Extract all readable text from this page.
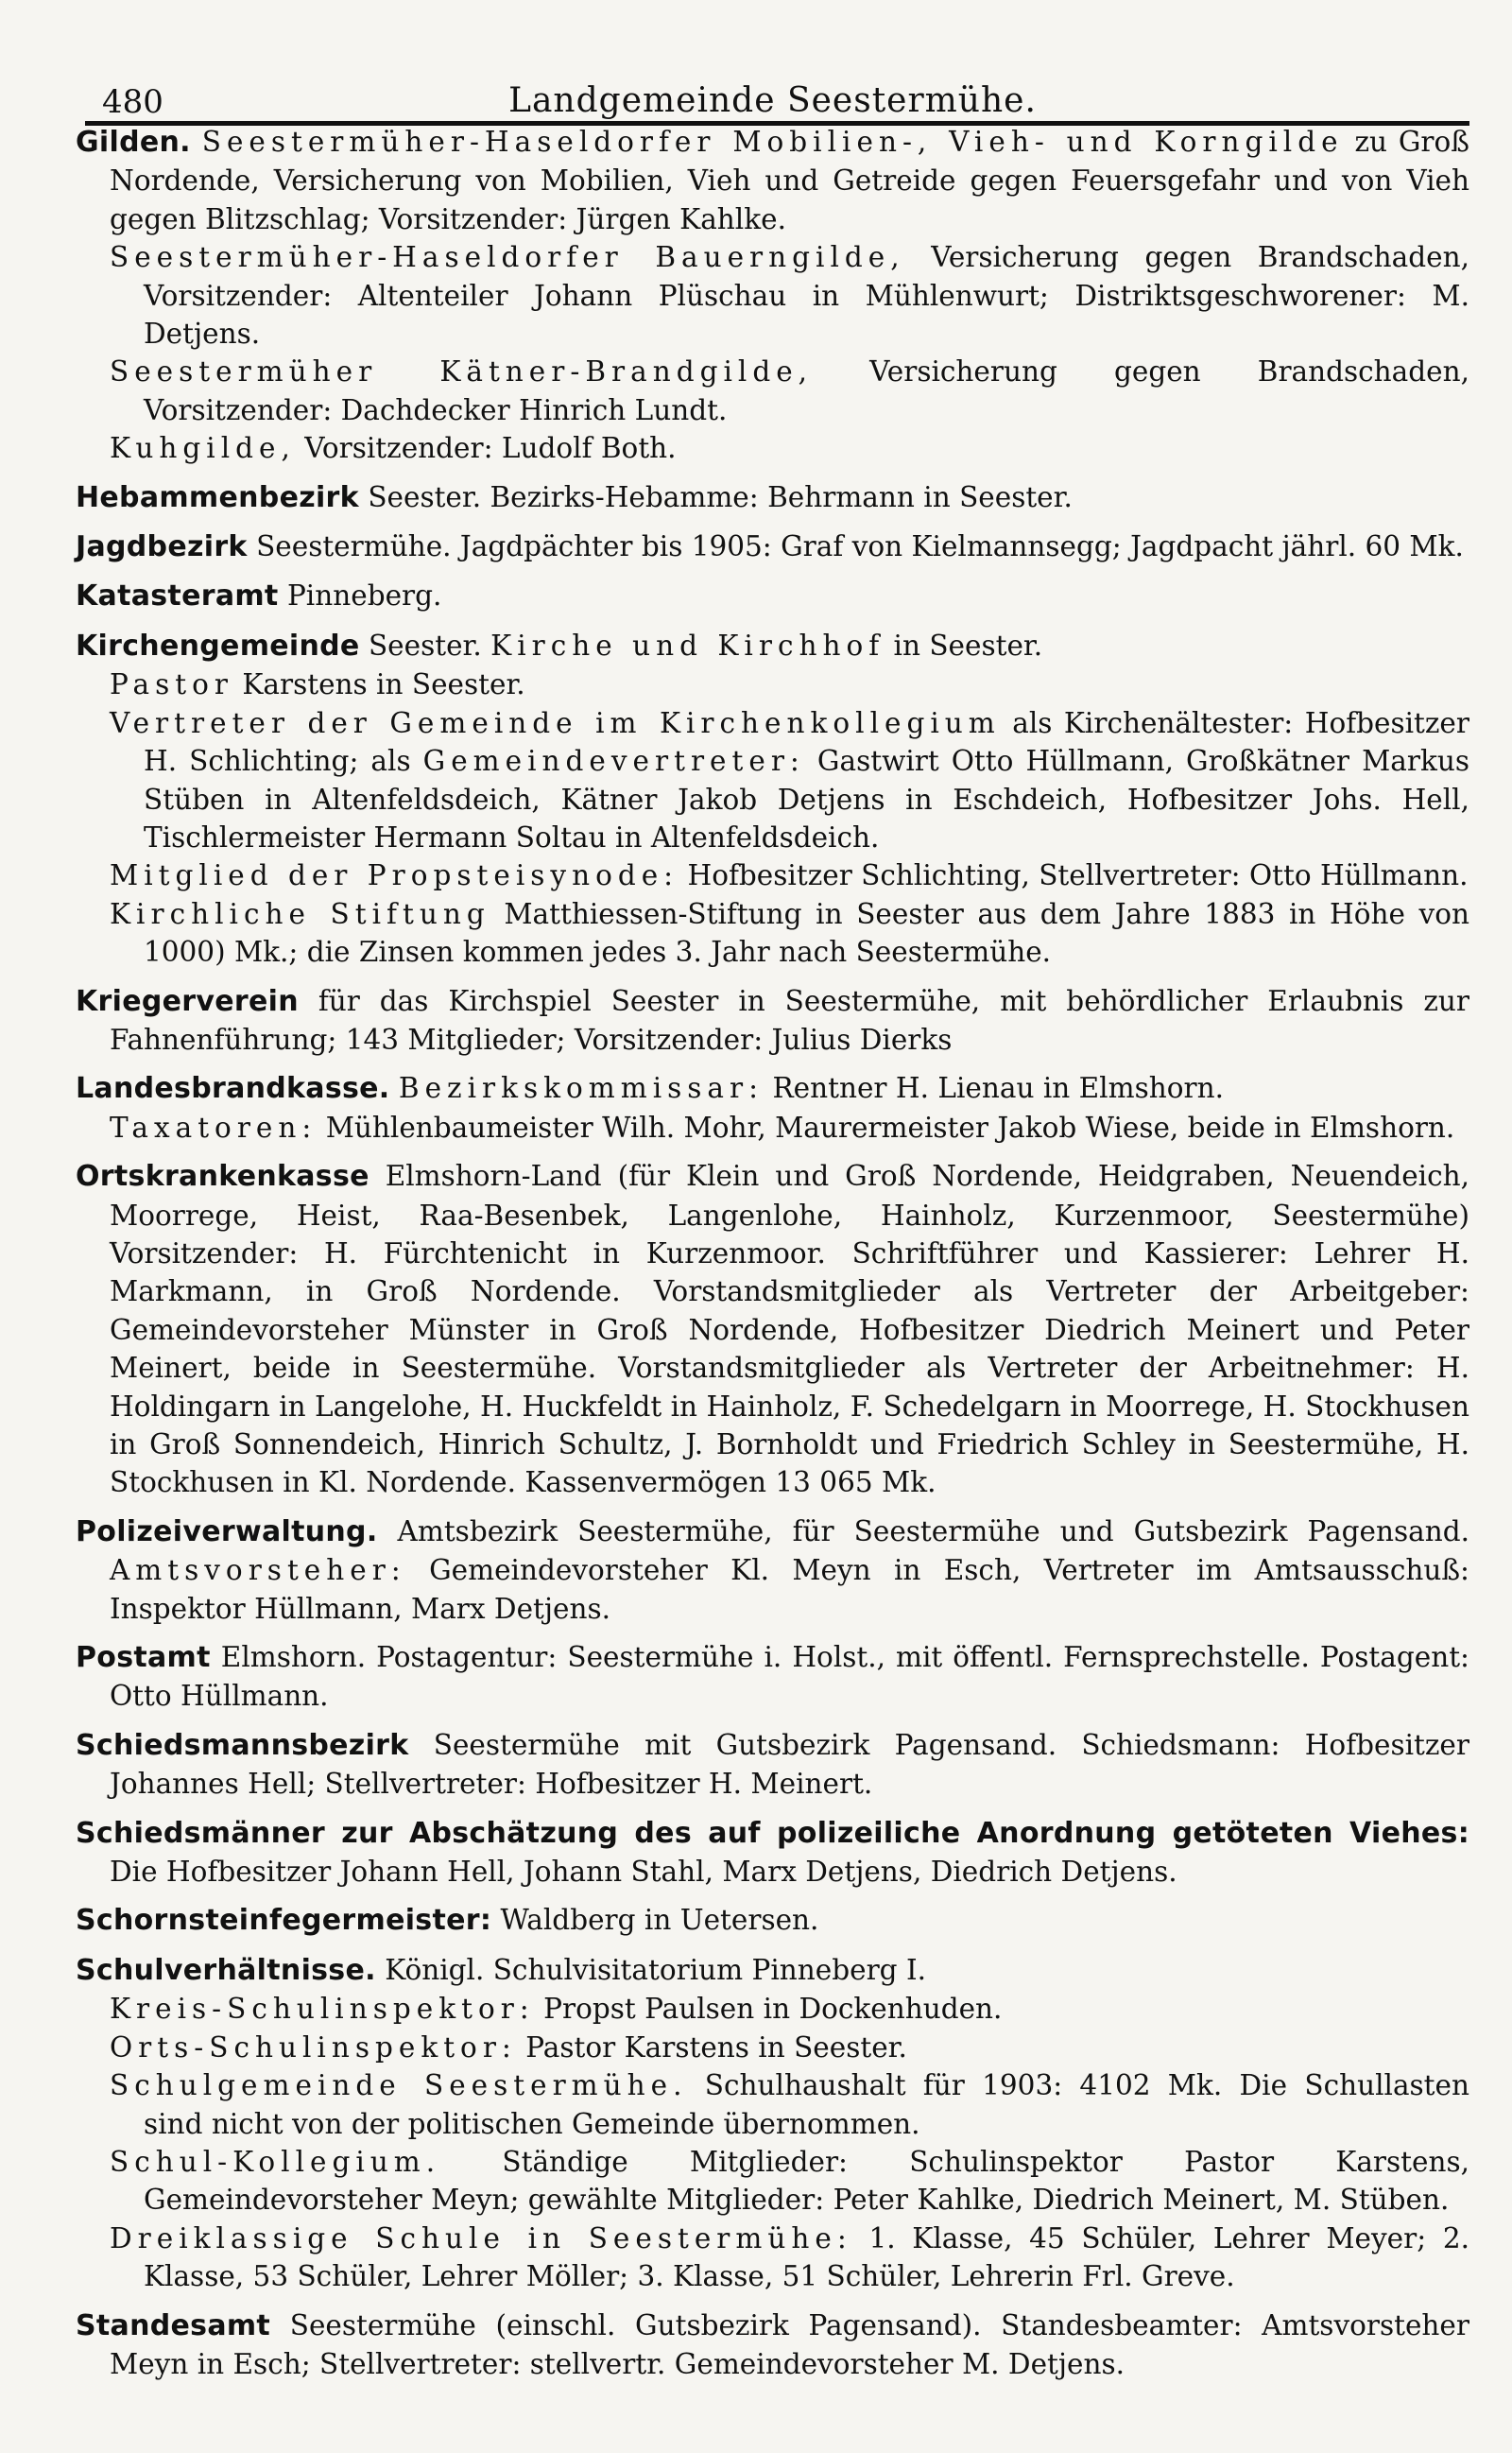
480	Landgemeinde Seestermühe.

Gilden. Seestermüher-Haseldorfer Mobilien-, Vieh- und Korngilde zu Groß Nordende, Versicherung von Mobilien, Vieh und Getreide gegen Feuersgefahr und von Vieh gegen Blitzschlag; Vorsitzender: Jürgen Kahlke.

Seestermüher-Haseldorfer Bauerngilde, Versicherung gegen Brandschaden, Vorsitzender: Altenteiler Johann Plüschau in Mühlenwurt; Distriktsgeschworener: M. Detjens.

Seestermüher Kätner-Brandgilde, Versicherung gegen Brandschaden, Vorsitzender: Dachdecker Hinrich Lundt.

Kuhgilde, Vorsitzender: Ludolf Both.

Hebammenbezirk Seester. Bezirks-Hebamme: Behrmann in Seester.

Jagdbezirk Seestermühe. Jagdpächter bis 1905: Graf von Kielmannsegg; Jagdpacht jährl. 60 Mk.

Katasteramt Pinneberg.

Kirchengemeinde Seester. Kirche und Kirchhof in Seester.

Pastor Karstens in Seester.

Vertreter der Gemeinde im Kirchenkollegium als Kirchenältester: Hofbesitzer H. Schlichting; als Gemeindevertreter: Gastwirt Otto Hüllmann, Großkätner Markus Stüben in Altenfeldsdeich, Kätner Jakob Detjens in Eschdeich, Hofbesitzer Johs. Hell, Tischlermeister Hermann Soltau in Altenfeldsdeich.

Mitglied der Propsteisynode: Hofbesitzer Schlichting, Stellvertreter: Otto Hüllmann.

Kirchliche Stiftung Matthiessen-Stiftung in Seester aus dem Jahre 1883 in Höhe von 1000) Mk.; die Zinsen kommen jedes 3. Jahr nach Seestermühe.

Kriegerverein für das Kirchspiel Seester in Seestermühe, mit behördlicher Erlaubnis zur Fahnenführung; 143 Mitglieder; Vorsitzender: Julius Dierks

Landesbrandkasse. Bezirkskommissar: Rentner H. Lienau in Elmshorn.

Taxatoren: Mühlenbaumeister Wilh. Mohr, Maurermeister Jakob Wiese, beide in Elmshorn.

Ortskrankenkasse Elmshorn-Land (für Klein und Groß Nordende, Heidgraben, Neuendeich, Moorrege, Heist, Raa-Besenbek, Langenlohe, Hainholz, Kurzenmoor, Seestermühe) Vorsitzender: H. Fürchtenicht in Kurzenmoor. Schriftführer und Kassierer: Lehrer H. Markmann, in Groß Nordende. Vorstandsmitglieder als Vertreter der Arbeitgeber: Gemeindevorsteher Münster in Groß Nordende, Hofbesitzer Diedrich Meinert und Peter Meinert, beide in Seestermühe. Vorstandsmitglieder als Vertreter der Arbeitnehmer: H. Holdingarn in Langelohe, H. Huckfeldt in Hainholz, F. Schedelgarn in Moorrege, H. Stockhusen in Groß Sonnendeich, Hinrich Schultz, J. Bornholdt und Friedrich Schley in Seestermühe, H. Stockhusen in Kl. Nordende. Kassenvermögen 13 065 Mk.

Polizeiverwaltung. Amtsbezirk Seestermühe, für Seestermühe und Gutsbezirk Pagensand. Amtsvorsteher: Gemeindevorsteher Kl. Meyn in Esch, Vertreter im Amtsausschuß: Inspektor Hüllmann, Marx Detjens.

Postamt Elmshorn. Postagentur: Seestermühe i. Holst., mit öffentl. Fernsprechstelle. Postagent: Otto Hüllmann.

Schiedsmannsbezirk Seestermühe mit Gutsbezirk Pagensand. Schiedsmann: Hofbesitzer Johannes Hell; Stellvertreter: Hofbesitzer H. Meinert.

Schiedsmänner zur Abschätzung des auf polizeiliche Anordnung getöteten Viehes: Die Hofbesitzer Johann Hell, Johann Stahl, Marx Detjens, Diedrich Detjens.

Schornsteinfegermeister: Waldberg in Uetersen.

Schulverhältnisse. Königl. Schulvisitatorium Pinneberg I.

Kreis-Schulinspektor: Propst Paulsen in Dockenhuden.

Orts-Schulinspektor: Pastor Karstens in Seester.

Schulgemeinde Seestermühe. Schulhaushalt für 1903: 4102 Mk. Die Schullasten sind nicht von der politischen Gemeinde übernommen.

Schul-Kollegium. Ständige Mitglieder: Schulinspektor Pastor Karstens, Gemeindevorsteher Meyn; gewählte Mitglieder: Peter Kahlke, Diedrich Meinert, M. Stüben.

Dreiklassige Schule in Seestermühe: 1. Klasse, 45 Schüler, Lehrer Meyer; 2. Klasse, 53 Schüler, Lehrer Möller; 3. Klasse, 51 Schüler, Lehrerin Frl. Greve.

Standesamt Seestermühe (einschl. Gutsbezirk Pagensand). Standesbeamter: Amtsvorsteher Meyn in Esch; Stellvertreter: stellvertr. Gemeindevorsteher M. Detjens.
